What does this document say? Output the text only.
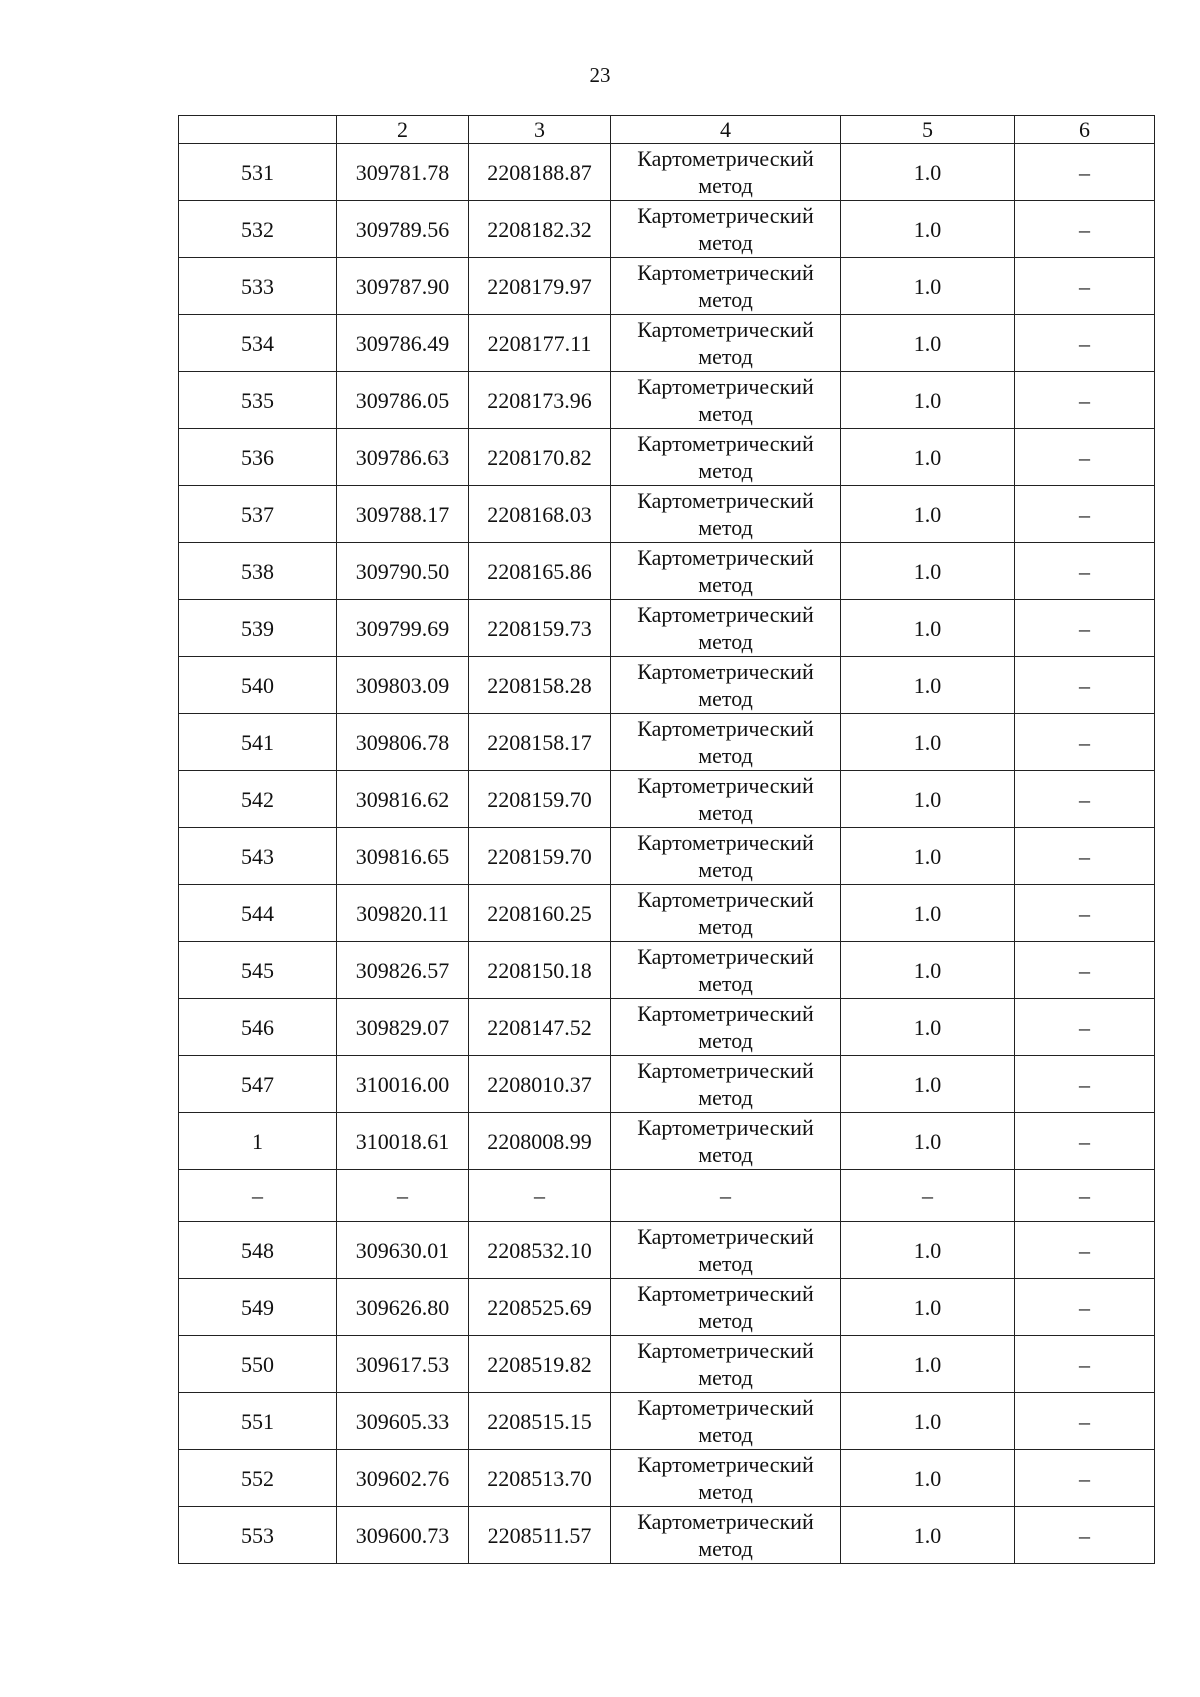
23
	2	3	4	5	6
531	309781.78	2208188.87	Картометрический метод	1.0	–
532	309789.56	2208182.32	Картометрический метод	1.0	–
533	309787.90	2208179.97	Картометрический метод	1.0	–
534	309786.49	2208177.11	Картометрический метод	1.0	–
535	309786.05	2208173.96	Картометрический метод	1.0	–
536	309786.63	2208170.82	Картометрический метод	1.0	–
537	309788.17	2208168.03	Картометрический метод	1.0	–
538	309790.50	2208165.86	Картометрический метод	1.0	–
539	309799.69	2208159.73	Картометрический метод	1.0	–
540	309803.09	2208158.28	Картометрический метод	1.0	–
541	309806.78	2208158.17	Картометрический метод	1.0	–
542	309816.62	2208159.70	Картометрический метод	1.0	–
543	309816.65	2208159.70	Картометрический метод	1.0	–
544	309820.11	2208160.25	Картометрический метод	1.0	–
545	309826.57	2208150.18	Картометрический метод	1.0	–
546	309829.07	2208147.52	Картометрический метод	1.0	–
547	310016.00	2208010.37	Картометрический метод	1.0	–
1	310018.61	2208008.99	Картометрический метод	1.0	–
–	–	–	–	–	–
548	309630.01	2208532.10	Картометрический метод	1.0	–
549	309626.80	2208525.69	Картометрический метод	1.0	–
550	309617.53	2208519.82	Картометрический метод	1.0	–
551	309605.33	2208515.15	Картометрический метод	1.0	–
552	309602.76	2208513.70	Картометрический метод	1.0	–
553	309600.73	2208511.57	Картометрический метод	1.0	–
